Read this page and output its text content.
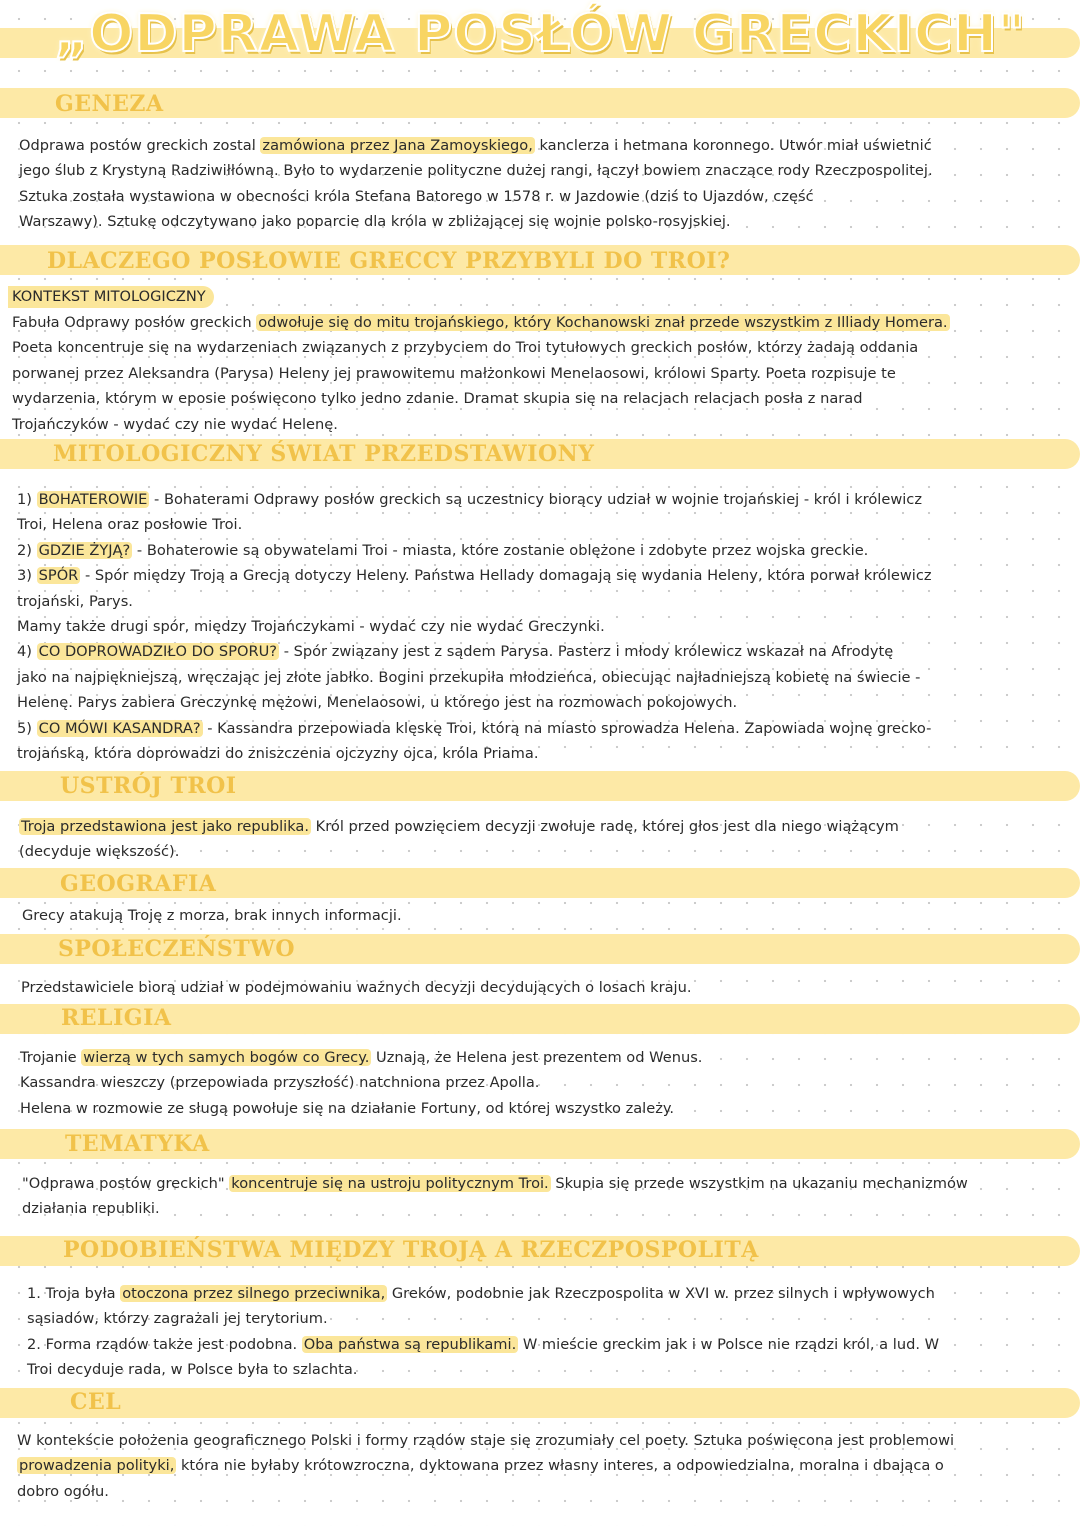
„ODPRAWA POSŁÓW GRECKICH"
GENEZA

Odprawa postów greckich zostal zamówiona przez Jana Zamoyskiego, kanclerza i hetmana koronnego. Utwór miał uświetnić

jego ślub z Krystyną Radziwiłłówną. Było to wydarzenie polityczne dużej rangi, łączył bowiem znaczące rody Rzeczpospolitej.

Sztuka została wystawiona w obecności króla Stefana Batorego w 1578 r. w Jazdowie (dziś to Ujazdów, część

Warszawy). Sztukę odczytywano jako poparcie dla króla w zbliżającej się wojnie polsko-rosyjskiej.

DLACZEGO POSŁOWIE GRECCY PRZYBYLI DO TROI?
KONTEKST MITOLOGICZNY

Fabuła Odprawy posłów greckich odwołuje się do mitu trojańskiego, który Kochanowski znał przede wszystkim z Illiady Homera.

Poeta koncentruje się na wydarzeniach związanych z przybyciem do Troi tytułowych greckich posłów, którzy żadają oddania

porwanej przez Aleksandra (Parysa) Heleny jej prawowitemu małżonkowi Menelaosowi, królowi Sparty. Poeta rozpisuje te

wydarzenia, którym w eposie poświęcono tylko jedno zdanie. Dramat skupia się na relacjach relacjach posła z narad

Trojańczyków - wydać czy nie wydać Helenę.

MITOLOGICZNY ŚWIAT PRZEDSTAWIONY

1) BOHATEROWIE - Bohaterami Odprawy posłów greckich są uczestnicy biorący udział w wojnie trojańskiej - król i królewicz

Troi, Helena oraz posłowie Troi.

2) GDZIE ŻYJĄ? - Bohaterowie są obywatelami Troi - miasta, które zostanie oblężone i zdobyte przez wojska greckie.

3) SPÓR - Spór między Troją a Grecją dotyczy Heleny. Państwa Hellady domagają się wydania Heleny, która porwał królewicz

trojański, Parys.

Mamy także drugi spór, między Trojańczykami - wydać czy nie wydać Greczynki.

4) CO DOPROWADZIŁO DO SPORU? - Spór związany jest z sądem Parysa. Pasterz i młody królewicz wskazał na Afrodytę

jako na najpiękniejszą, wręczając jej złote jabłko. Bogini przekupiła młodzieńca, obiecując najładniejszą kobietę na świecie -

Helenę. Parys zabiera Greczynkę mężowi, Menelaosowi, u którego jest na rozmowach pokojowych.

5) CO MÓWI KASANDRA? - Kassandra przepowiada klęskę Troi, którą na miasto sprowadza Helena. Zapowiada wojnę grecko-

trojańską, która doprowadzi do zniszczenia ojczyzny ojca, króla Priama.

USTRÓJ TROI

Troja przedstawiona jest jako republika. Król przed powzięciem decyzji zwołuje radę, której głos jest dla niego wiążącym

(decyduje większość).

GEOGRAFIA

Grecy atakują Troję z morza, brak innych informacji.

SPOŁECZEŃSTWO

Przedstawiciele biorą udział w podejmowaniu ważnych decyzji decydujących o losach kraju.

RELIGIA

Trojanie wierzą w tych samych bogów co Grecy. Uznają, że Helena jest prezentem od Wenus.

Kassandra wieszczy (przepowiada przyszłość) natchniona przez Apolla.

Helena w rozmowie ze sługą powołuje się na działanie Fortuny, od której wszystko zależy.

TEMATYKA

"Odprawa postów greckich" koncentruje się na ustroju politycznym Troi. Skupia się przede wszystkim na ukazaniu mechanizmów

działania republiki.

PODOBIEŃSTWA MIĘDZY TROJĄ A RZECZPOSPOLITĄ

1. Troja była otoczona przez silnego przeciwnika, Greków, podobnie jak Rzeczpospolita w XVI w. przez silnych i wpływowych

sąsiadów, którzy zagrażali jej terytorium.

2. Forma rządów także jest podobna. Oba państwa są republikami. W mieście greckim jak i w Polsce nie rządzi król, a lud. W

Troi decyduje rada, w Polsce była to szlachta.

CEL

W kontekście położenia geograficznego Polski i formy rządów staje się zrozumiały cel poety. Sztuka poświęcona jest problemowi

prowadzenia polityki, która nie byłaby krótowzroczna, dyktowana przez własny interes, a odpowiedzialna, moralna i dbająca o

dobro ogółu.
